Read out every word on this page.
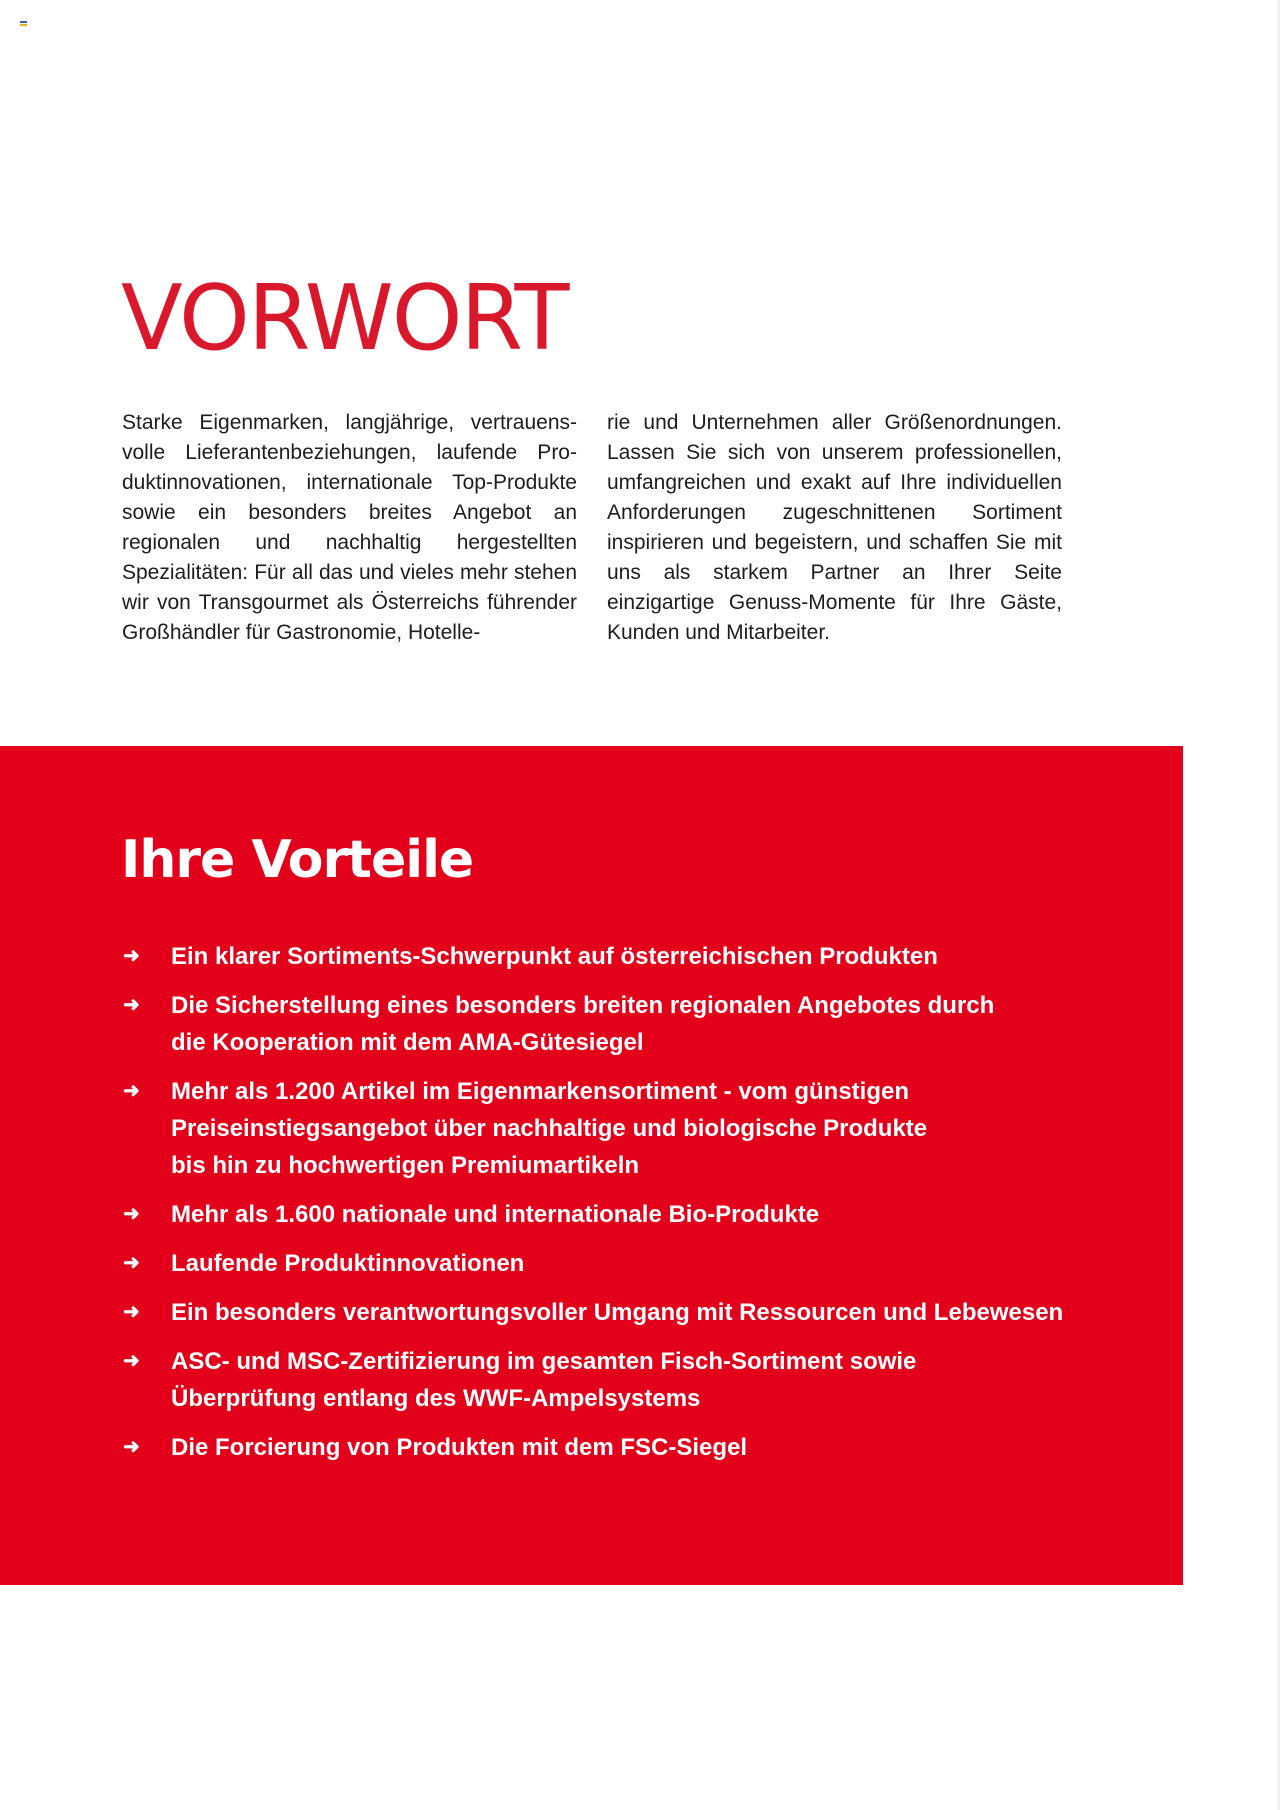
VORWORT

Starke Eigenmarken, langjährige, vertrauensvolle Lieferantenbeziehungen, laufende Produktinnovationen, internationale Top-Produkte sowie ein besonders breites Angebot an regionalen und nachhaltig hergestellten Spezialitäten: Für all das und vieles mehr stehen wir von Transgourmet als Österreichs führender Großhändler für Gastronomie, Hotelle-

rie und Unternehmen aller Größenordnungen. Lassen Sie sich von unserem professionellen, umfangreichen und exakt auf Ihre individuellen Anforderungen zugeschnittenen Sortiment inspirieren und begeistern, und schaffen Sie mit uns als starkem Partner an Ihrer Seite einzigartige Genuss-Momente für Ihre Gäste, Kunden und Mitarbeiter.

Ihre Vorteile
➜ Ein klarer Sortiments-Schwerpunkt auf österreichischen Produkten
➜ Die Sicherstellung eines besonders breiten regionalen Angebotes durch
die Kooperation mit dem AMA-Gütesiegel
➜ Mehr als 1.200 Artikel im Eigenmarkensortiment - vom günstigen
Preiseinstiegsangebot über nachhaltige und biologische Produkte
bis hin zu hochwertigen Premiumartikeln
➜ Mehr als 1.600 nationale und internationale Bio-Produkte
➜ Laufende Produktinnovationen
➜ Ein besonders verantwortungsvoller Umgang mit Ressourcen und Lebewesen
➜ ASC- und MSC-Zertifizierung im gesamten Fisch-Sortiment sowie
Überprüfung entlang des WWF-Ampelsystems
➜ Die Forcierung von Produkten mit dem FSC-Siegel
